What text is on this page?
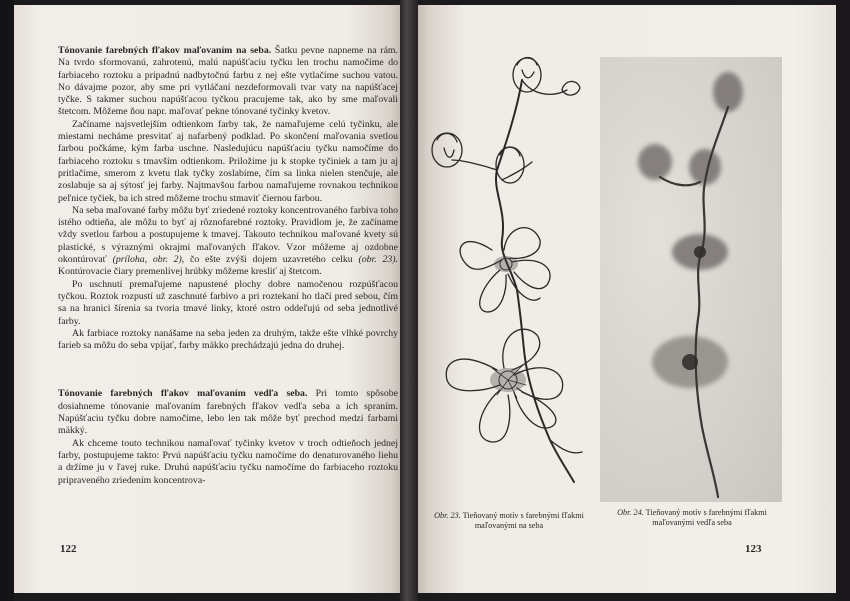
Tónovanie farebných fľakov maľovaním na seba. Šatku pevne napneme na rám. Na tvrdo sformovanú, zahrotenú, malú napúšťaciu tyčku len trochu namočíme do farbiaceho roztoku a prípadnú nadbytočnú farbu z nej ešte vytlačíme suchou vatou. No dávajme pozor, aby sme pri vytláčaní nezdeformovali tvar vaty na napúšťacej tyčke. S takmer suchou napúšťacou tyčkou pracujeme tak, ako by sme maľovali štetcom. Môžeme ňou napr. maľovať pekne tónované tyčinky kvetov.

Začíname najsvetlejším odtienkom farby tak, že namaľujeme celú tyčinku, ale miestami necháme presvitať aj nafarbený podklad. Po skončení maľovania svetlou farbou počkáme, kým farba uschne. Nasledujúcu napúšťaciu tyčku namočíme do farbiaceho roztoku s tmavším odtienkom. Priložíme ju k stopke tyčiniek a tam ju aj pritlačíme, smerom z kvetu tlak tyčky zoslabíme, čím sa linka nielen stenčuje, ale zoslabuje sa aj sýtosť jej farby. Najtmavšou farbou namaľujeme rovnakou technikou peľnice tyčiek, ba ich stred môžeme trochu stmaviť čiernou farbou.

Na seba maľované farby môžu byť zriedené roztoky koncentrovaného farbiva toho istého odtieňa, ale môžu to byť aj rôznofarebné roztoky. Pravidlom je, že začíname vždy svetlou farbou a postupujeme k tmavej. Takouto technikou maľované kvety sú plastické, s výraznými okrajmi maľovaných fľakov. Vzor môžeme aj ozdobne okontúrovať (príloha, obr. 2), čo ešte zvýši dojem uzavretého celku (obr. 23). Kontúrovacie čiary premenlivej hrúbky môžeme kresliť aj štetcom.

Po uschnutí premaľujeme napustené plochy dobre namočenou rozpúšťacou tyčkou. Roztok rozpustí už zaschnuté farbivo a pri roztekaní ho tlačí pred sebou, čím sa na hranici šírenia sa tvoria tmavé linky, ktoré ostro oddeľujú od seba jednotlivé farby.

Ak farbiace roztoky nanášame na seba jeden za druhým, takže ešte vlhké povrchy farieb sa môžu do seba vpíjať, farby mäkko prechádzajú jedna do druhej.

Tónovanie farebných fľakov maľovaním vedľa seba. Pri tomto spôsobe dosiahneme tónovanie maľovaním farebných fľakov vedľa seba a ich spraním. Napúšťaciu tyčku dobre namočíme, lebo len tak môže byť prechod medzi farbami mäkký.

Ak chceme touto technikou namaľovať tyčinky kvetov v troch odtieňoch jednej farby, postupujeme takto: Prvú napúšťaciu tyčku namočíme do denaturovaného liehu a držíme ju v ľavej ruke. Druhú napúšťaciu tyčku namočíme do farbiaceho roztoku pripraveného zriedením koncentrova-

122
Obr. 23. Tieňovaný motív s farebnými fľakmi maľovanými na seba
Obr. 24. Tieňovaný motív s farebnými fľakmi maľovanými vedľa seba
123
